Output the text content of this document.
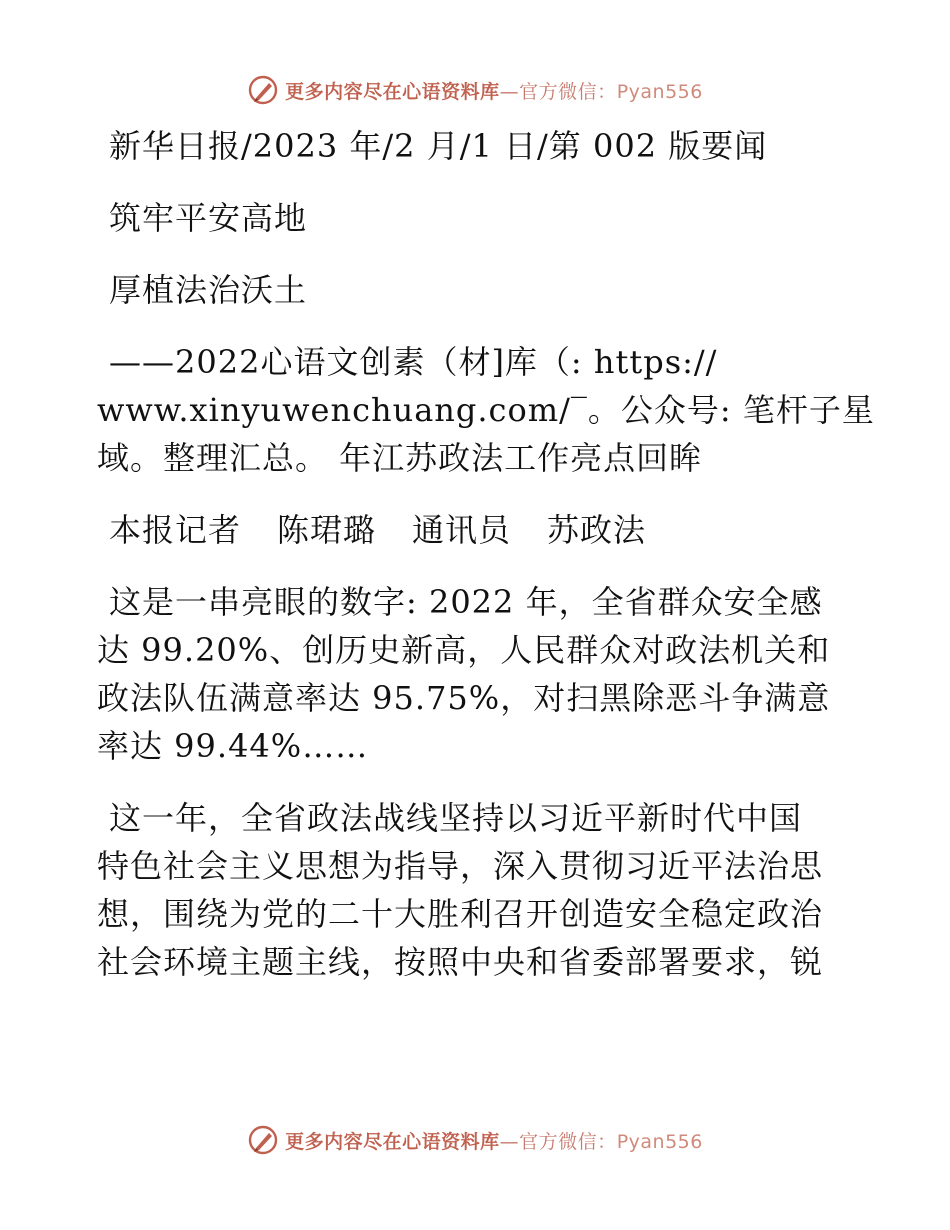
更多内容尽在心语资料库—官方微信：Pyan556
新华日报/2023 年/2 月/1 日/第 002 版要闻
筑牢平安高地
厚植法治沃土
——2022心语文创素（材]库（: https://
www.xinyuwenchuang.com/‾。公众号: 笔杆子星
域。整理汇总。 年江苏政法工作亮点回眸
本报记者 陈珺璐 通讯员 苏政法
这是一串亮眼的数字: 2022 年，全省群众安全感
达 99.20%、创历史新高，人民群众对政法机关和
政法队伍满意率达 95.75%，对扫黑除恶斗争满意
率达 99.44%……
这一年，全省政法战线坚持以习近平新时代中国
特色社会主义思想为指导，深入贯彻习近平法治思
想，围绕为党的二十大胜利召开创造安全稳定政治
社会环境主题主线，按照中央和省委部署要求，锐
更多内容尽在心语资料库—官方微信：Pyan556
